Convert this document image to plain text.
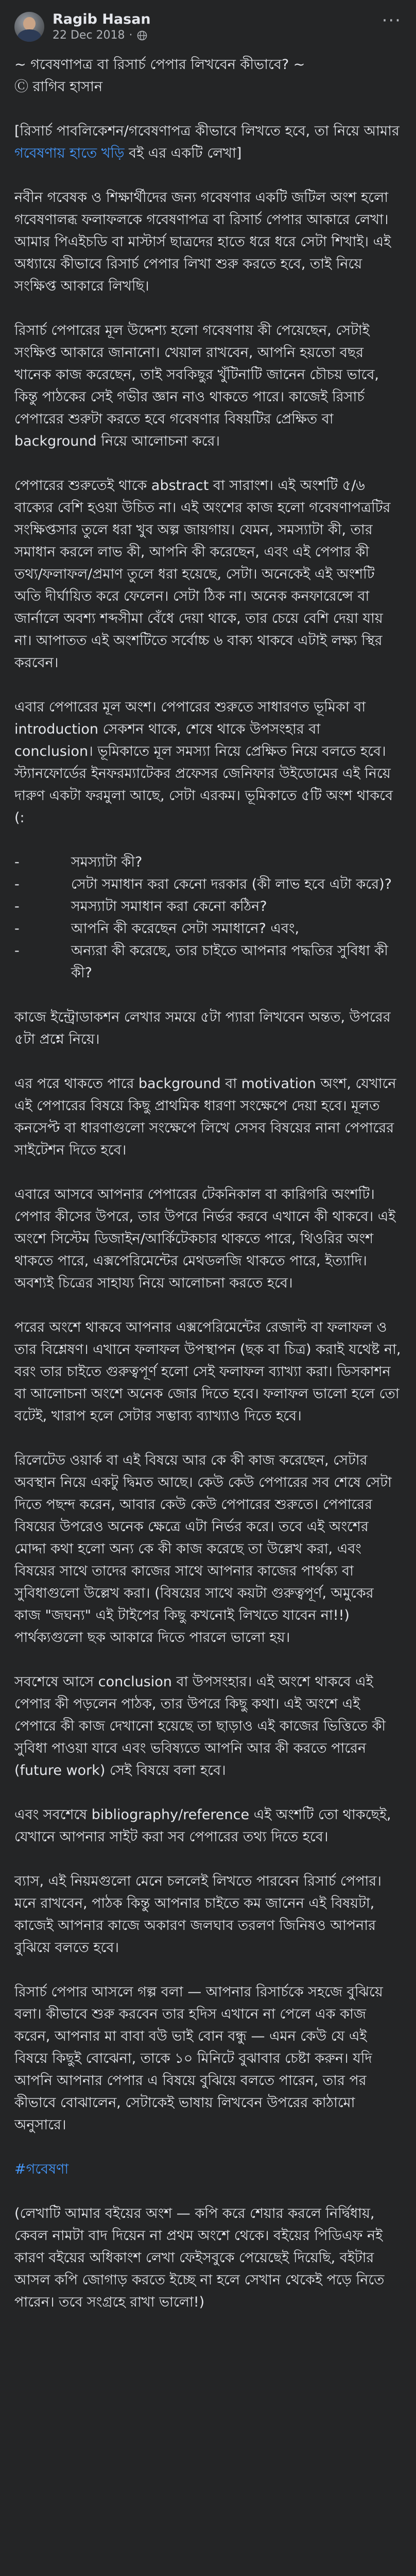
Ragib Hasan
22 Dec 2018 ·
···

~ গবেষণাপত্র বা রিসার্চ পেপার লিখবেন কীভাবে? ~
Ⓒ রাগিব হাসান

[রিসার্চ পাবলিকেশন/গবেষণাপত্র কীভাবে লিখতে হবে, তা নিয়ে আমার গবেষণায় হাতে খড়ি বই এর একটি লেখা]

নবীন গবেষক ও শিক্ষার্থীদের জন্য গবেষণার একটি জটিল অংশ হলো গবেষণালব্ধ ফলাফলকে গবেষণাপত্র বা রিসার্চ পেপার আকারে লেখা। আমার পিএইচডি বা মাস্টার্স ছাত্রদের হাতে ধরে ধরে সেটা শিখাই। এই অধ্যায়ে কীভাবে রিসার্চ পেপার লিখা শুরু করতে হবে, তাই নিয়ে সংক্ষিপ্ত আকারে লিখছি।

রিসার্চ পেপারের মূল উদ্দেশ্য হলো গবেষণায় কী পেয়েছেন, সেটাই সংক্ষিপ্ত আকারে জানানো। খেয়াল রাখবেন, আপনি হয়তো বছর খানেক কাজ করেছেন, তাই সবকিছুর খুঁটিনাটি জানেন চৌচয় ভাবে, কিন্তু পাঠকের সেই গভীর জ্ঞান নাও থাকতে পারে। কাজেই রিসার্চ পেপারের শুরুটা করতে হবে গবেষণার বিষয়টির প্রেক্ষিত বা background নিয়ে আলোচনা করে।

পেপারের শুরুতেই থাকে abstract বা সারাংশ। এই অংশটি ৫/৬ বাক্যের বেশি হওয়া উচিত না। এই অংশের কাজ হলো গবেষণাপত্রটির সংক্ষিপ্তসার তুলে ধরা খুব অল্প জায়গায়। যেমন, সমস্যাটা কী, তার সমাধান করলে লাভ কী, আপনি কী করেছেন, এবং এই পেপার কী তথ্য/ফলাফল/প্রমাণ তুলে ধরা হয়েছে, সেটা। অনেকেই এই অংশটি অতি দীর্ঘায়িত করে ফেলেন। সেটা ঠিক না। অনেক কনফারেন্সে বা জার্নালে অবশ্য শব্দসীমা বেঁধে দেয়া থাকে, তার চেয়ে বেশি দেয়া যায় না। আপাতত এই অংশটিতে সর্বোচ্চ ৬ বাক্য থাকবে এটাই লক্ষ্য স্থির করবেন।

এবার পেপারের মূল অংশ। পেপারের শুরুতে সাধারণত ভূমিকা বা introduction সেকশন থাকে, শেষে থাকে উপসংহার বা conclusion। ভূমিকাতে মূল সমস্যা নিয়ে প্রেক্ষিত নিয়ে বলতে হবে। স্ট্যানফোর্ডের ইনফরম্যাটেকর প্রফেসর জেনিফার উইডোমের এই নিয়ে দারুণ একটা ফরমুলা আছে, সেটা এরকম। ভূমিকাতে ৫টি অংশ থাকবে (:

- সমস্যাটা কী?
- সেটা সমাধান করা কেনো দরকার (কী লাভ হবে এটা করে)?
- সমস্যাটা সমাধান করা কেনো কঠিন?
- আপনি কী করেছেন সেটা সমাধানে? এবং,
- অন্যরা কী করেছে, তার চাইতে আপনার পদ্ধতির সুবিধা কী কী?

কাজে ইন্ট্রোডাকশন লেখার সময়ে ৫টা প্যারা লিখবেন অন্তত, উপরের ৫টা প্রশ্নে নিয়ে।

এর পরে থাকতে পারে background বা motivation অংশ, যেখানে এই পেপারের বিষয়ে কিছু প্রাথমিক ধারণা সংক্ষেপে দেয়া হবে। মূলত কনসেপ্ট বা ধারণাগুলো সংক্ষেপে লিখে সেসব বিষয়ের নানা পেপারের সাইটেশন দিতে হবে।

এবারে আসবে আপনার পেপারের টেকনিকাল বা কারিগরি অংশটি। পেপার কীসের উপরে, তার উপরে নির্ভর করবে এখানে কী থাকবে। এই অংশে সিস্টেম ডিজাইন/আর্কিটেকচার থাকতে পারে, থিওরির অংশ থাকতে পারে, এক্সপেরিমেন্টের মেথডলজি থাকতে পারে, ইত্যাদি। অবশ্যই চিত্রের সাহায্য নিয়ে আলোচনা করতে হবে।

পরের অংশে থাকবে আপনার এক্সপেরিমেন্টের রেজাল্ট বা ফলাফল ও তার বিশ্লেষণ। এখানে ফলাফল উপস্থাপন (ছক বা চিত্র) করাই যথেষ্ট না, বরং তার চাইতে গুরুত্বপূর্ণ হলো সেই ফলাফল ব্যাখ্যা করা। ডিসকাশন বা আলোচনা অংশে অনেক জোর দিতে হবে। ফলাফল ভালো হলে তো বটেই, খারাপ হলে সেটার সম্ভাব্য ব্যাখ্যাও দিতে হবে।

রিলেটেড ওয়ার্ক বা এই বিষয়ে আর কে কী কাজ করেছেন, সেটার অবস্থান নিয়ে একটু দ্বিমত আছে। কেউ কেউ পেপারের সব শেষে সেটা দিতে পছন্দ করেন, আবার কেউ কেউ পেপারের শুরুতে। পেপারের বিষয়ের উপরেও অনেক ক্ষেত্রে এটা নির্ভর করে। তবে এই অংশের মোদ্দা কথা হলো অন্য কে কী কাজ করেছে তা উল্লেখ করা, এবং বিষয়ের সাথে তাদের কাজের সাথে আপনার কাজের পার্থক্য বা সুবিধাগুলো উল্লেখ করা। (বিষয়ের সাথে কয়টা গুরুত্বপূর্ণ, অমুকের কাজ "জঘন্য" এই টাইপের কিছু কখনোই লিখতে যাবেন না!!) পার্থক্যগুলো ছক আকারে দিতে পারলে ভালো হয়।

সবশেষে আসে conclusion বা উপসংহার। এই অংশে থাকবে এই পেপার কী পড়লেন পাঠক, তার উপরে কিছু কথা। এই অংশে এই পেপারে কী কাজ দেখানো হয়েছে তা ছাড়াও এই কাজের ভিত্তিতে কী সুবিধা পাওয়া যাবে এবং ভবিষ্যতে আপনি আর কী করতে পারেন (future work) সেই বিষয়ে বলা হবে।

এবং সবশেষে bibliography/reference এই অংশটি তো থাকছেই, যেখানে আপনার সাইট করা সব পেপারের তথ্য দিতে হবে।

ব্যাস, এই নিয়মগুলো মেনে চললেই লিখতে পারবেন রিসার্চ পেপার। মনে রাখবেন, পাঠক কিন্তু আপনার চাইতে কম জানেন এই বিষয়টা, কাজেই আপনার কাজে অকারণ জলঘাব তরলণ জিনিষও আপনার বুঝিয়ে বলতে হবে।

রিসার্চ পেপার আসলে গল্প বলা — আপনার রিসার্চকে সহজে বুঝিয়ে বলা। কীভাবে শুরু করবেন তার হদিস এখানে না পেলে এক কাজ করেন, আপনার মা বাবা বউ ভাই বোন বন্ধু — এমন কেউ যে এই বিষয়ে কিছুই বোঝেনা, তাকে ১০ মিনিটে বুঝাবার চেষ্টা করুন। যদি আপনি আপনার পেপার এ বিষয়ে বুঝিয়ে বলতে পারেন, তার পর কীভাবে বোঝালেন, সেটাকেই ভাষায় লিখবেন উপরের কাঠামো অনুসারে।

#গবেষণা

(লেখাটি আমার বইয়ের অংশ — কপি করে শেয়ার করলে নির্দ্বিধায়, কেবল নামটা বাদ দিয়েন না প্রথম অংশে থেকে। বইয়ের পিডিএফ নই কারণ বইয়ের অধিকাংশ লেখা ফেইসবুকে পেয়েছেই দিয়েছি, বইটার আসল কপি জোগাড় করতে ইচ্ছে না হলে সেখান থেকেই পড়ে নিতে পারেন। তবে সংগ্রহে রাখা ভালো!)
